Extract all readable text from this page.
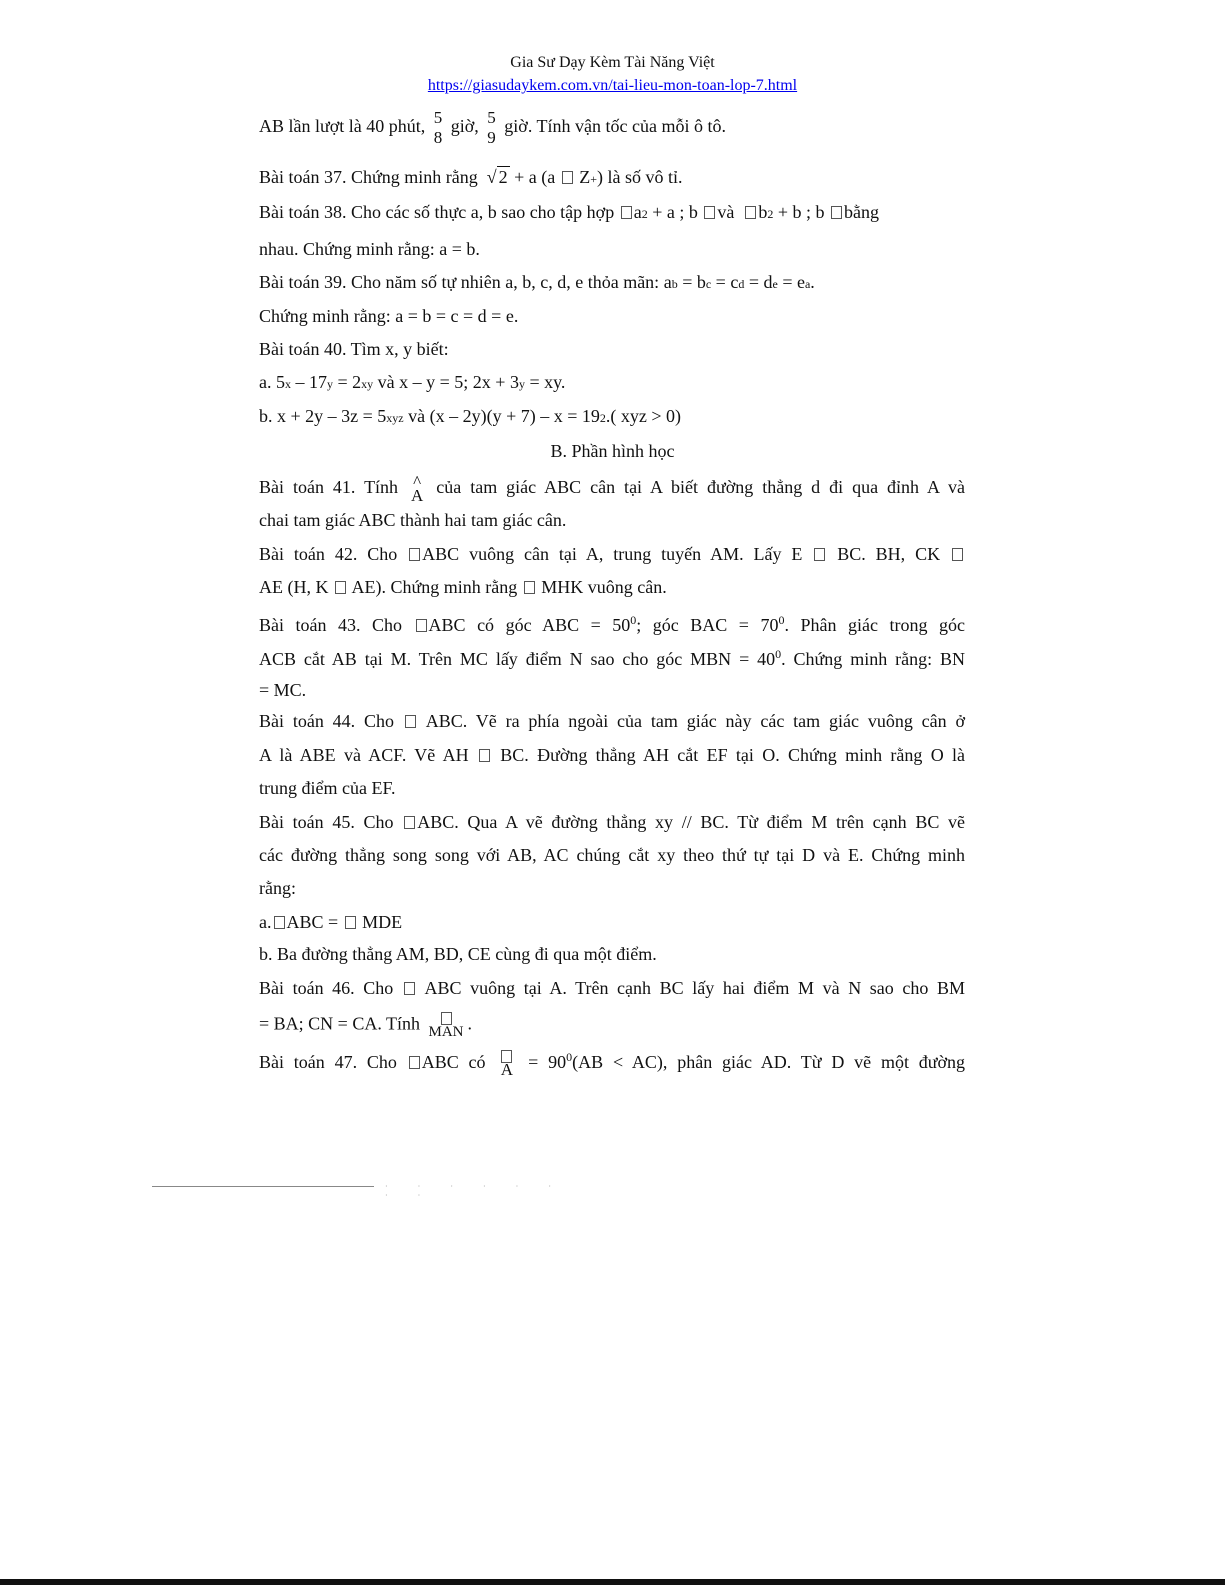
Gia Sư Dạy Kèm Tài Năng Việt
https://giasudaykem.com.vn/tai-lieu-mon-toan-lop-7.html
AB lần lượt là 40 phút, 5
8
giờ, 5
9
giờ. Tính vận tốc của mỗi ô tô.
Bài toán 37. Chứng minh rằng  √ 2 + a (a Z+) là số vô tỉ.
Bài toán 38. Cho các số thực a, b sao cho tập hợp a2 + a ; b và b2 + b ; b bằng
nhau. Chứng minh rằng: a = b.
Bài toán 39. Cho năm số tự nhiên a, b, c, d, e thỏa mãn: ab = bc = cd = de = ea.
Chứng minh rằng: a = b = c = d = e.
Bài toán 40. Tìm x, y biết:
a. 5x – 17y = 2xy và x – y = 5; 2x + 3y = xy.
b. x + 2y – 3z = 5xyz và (x – 2y)(y + 7) – x = 192.( xyz > 0)
B. Phần hình học
Bài toán 41. Tính ^
A của tam giác ABC cân tại A biết đường thẳng d đi qua đỉnh A và
chai tam giác ABC thành hai tam giác cân.
Bài toán 42. Cho ABC vuông cân tại A, trung tuyến AM. Lấy E BC. BH, CK
AE (H, K AE). Chứng minh rằng MHK vuông cân.
Bài toán 43. Cho ABC có góc ABC = $50^0$; góc BAC = $70^0$. Phân giác trong góc
ACB cắt AB tại M. Trên MC lấy điểm N sao cho góc MBN = $40^0$. Chứng minh rằng: BN
= MC.
Bài toán 44. Cho ABC. Vẽ ra phía ngoài của tam giác này các tam giác vuông cân ở
A là ABE và ACF. Vẽ AH BC. Đường thẳng AH cắt EF tại O. Chứng minh rằng O là
trung điểm của EF.
Bài toán 45. Cho ABC. Qua A vẽ đường thẳng xy // BC. Từ điểm M trên cạnh BC vẽ
các đường thẳng song song với AB, AC chúng cắt xy theo thứ tự tại D và E. Chứng minh
rằng:
a. ABC = MDE
b. Ba đường thẳng AM, BD, CE cùng đi qua một điểm.
Bài toán 46. Cho ABC vuông tại A. Trên cạnh BC lấy hai điểm M và N sao cho BM
= BA; CN = CA. Tính MAN .
Bài toán 47. Cho ABC có $A = 90^0(AB < AC)$, phân giác AD. Từ D vẽ một đường
· · · · · · · ·
